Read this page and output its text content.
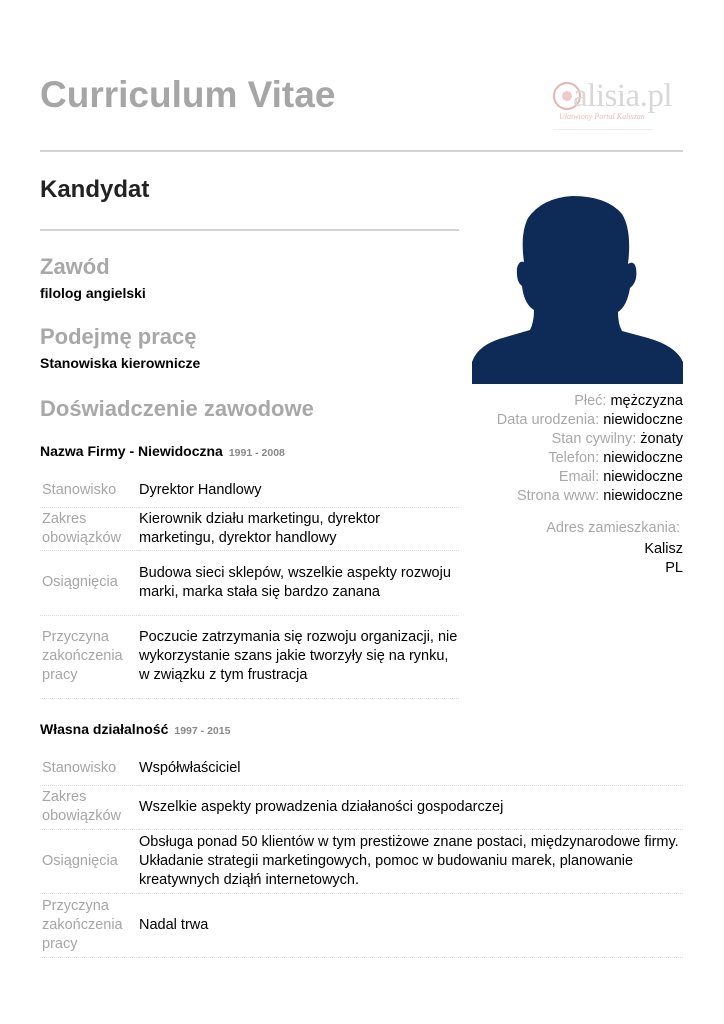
Curriculum Vitae	alisia.pl
Ułatwiony Portal Kaliszan
Kandydat
Zawód
filolog angielski
Podejmę pracę
Stanowiska kierownicze
Doświadczenie zawodowe	Płeć: mężczyzna
Data urodzenia: niewidoczne
Stan cywilny: żonaty
Telefon: niewidoczne
Email: niewidoczne
Strona www: niewidoczne
Adres zamieszkania:
Kalisz
PL
Nazwa Firmy - Niewidoczna 1991 - 2008
Stanowisko	Dyrektor Handlowy
Zakres obowiązków	Kierownik działu marketingu, dyrektor marketingu, dyrektor handlowy
Osiągnięcia	Budowa sieci sklepów, wszelkie aspekty rozwoju marki, marka stała się bardzo zanana
Przyczyna zakończenia pracy	Poczucie zatrzymania się rozwoju organizacji, nie wykorzystanie szans jakie tworzyły się na rynku, w związku z tym frustracja
Własna działalność 1997 - 2015
Stanowisko	Współwłaściciel
Zakres obowiązków	Wszelkie aspekty prowadzenia działaności gospodarczej
Osiągnięcia	Obsługa ponad 50 klientów w tym prestiżowe znane postaci, międzynarodowe firmy. Układanie strategii marketingowych, pomoc w budowaniu marek, planowanie kreatywnych dziąłń internetowych.
Przyczyna zakończenia pracy	Nadal trwa
